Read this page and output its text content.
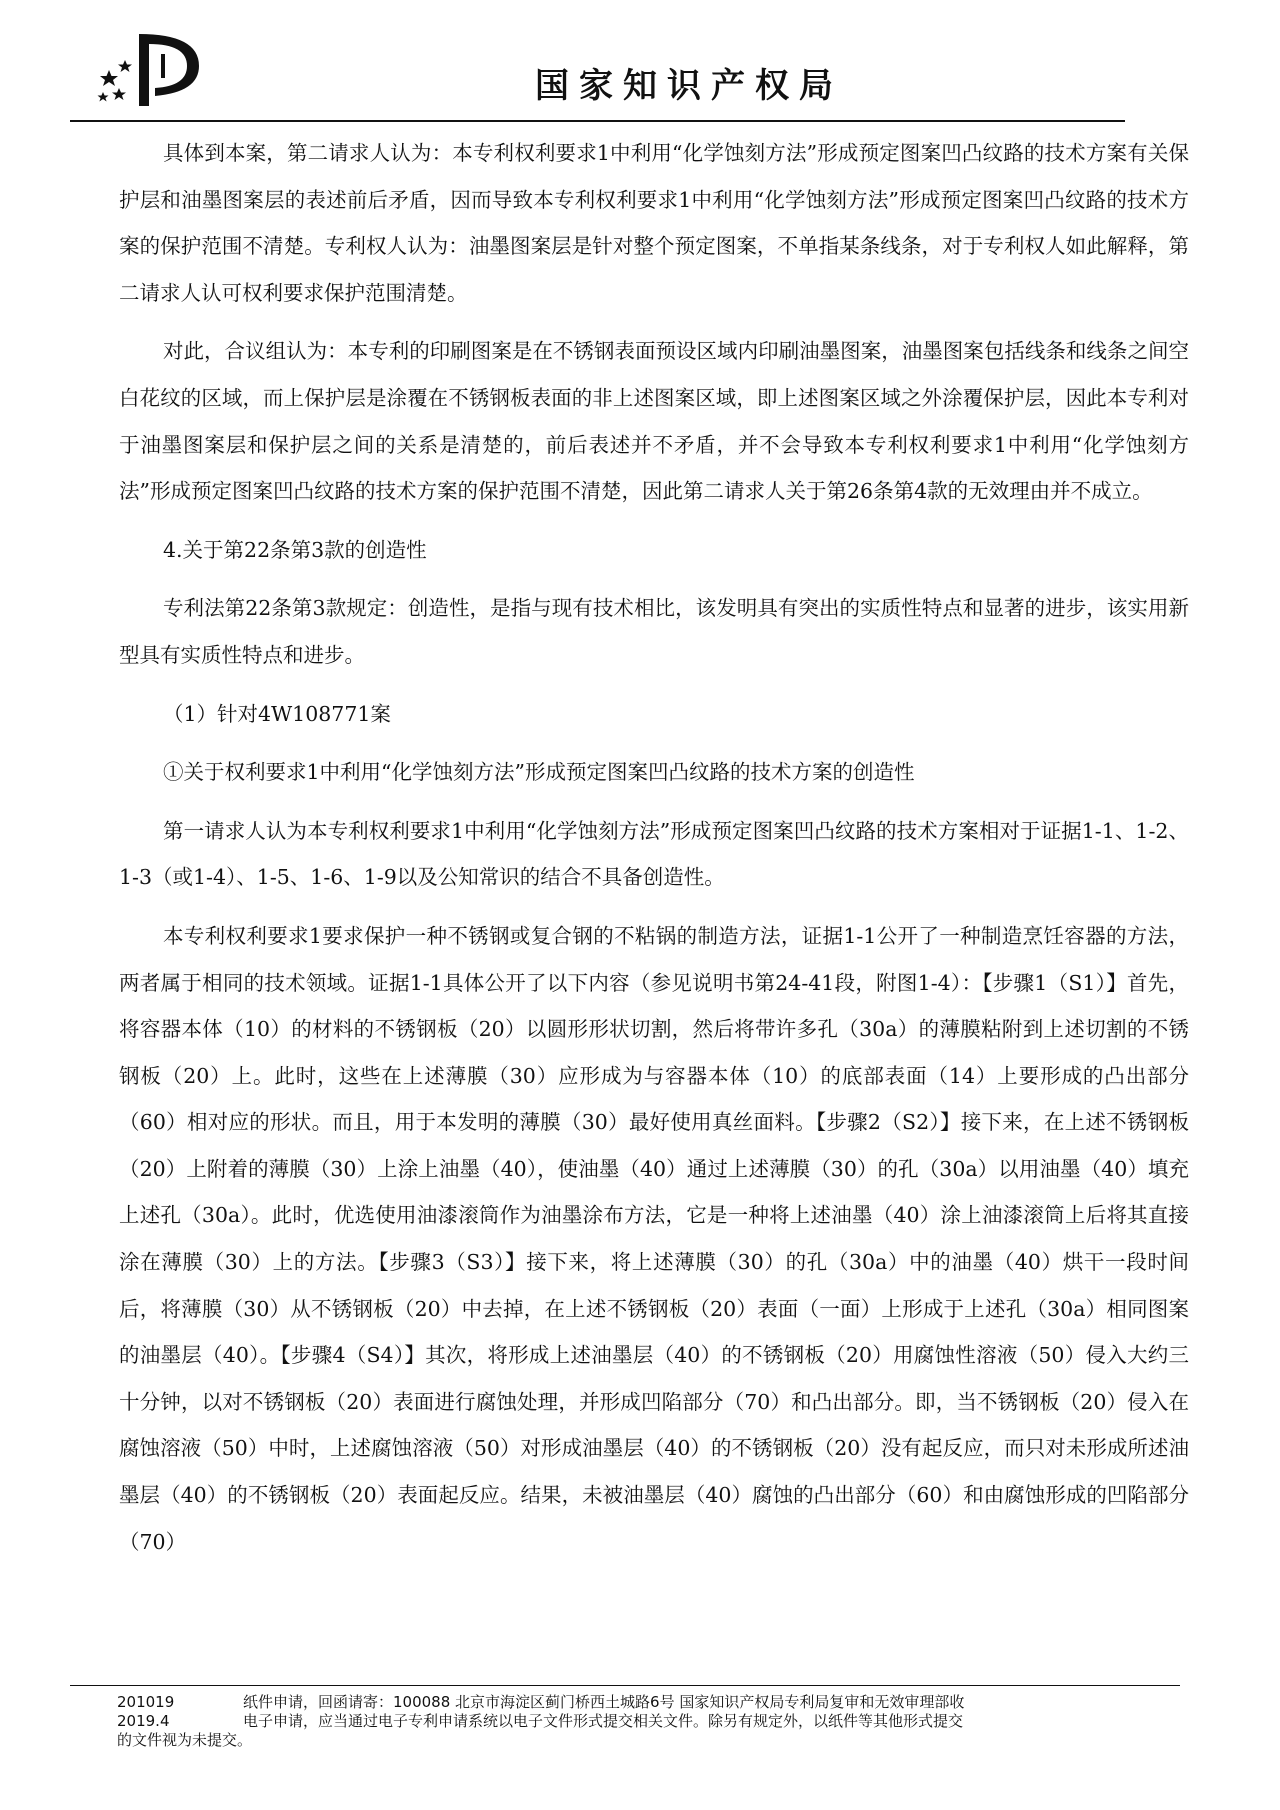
国家知识产权局

具体到本案，第二请求人认为：本专利权利要求1中利用“化学蚀刻方法”形成预定图案凹凸纹路的技术方案有关保护层和油墨图案层的表述前后矛盾，因而导致本专利权利要求1中利用“化学蚀刻方法”形成预定图案凹凸纹路的技术方案的保护范围不清楚。专利权人认为：油墨图案层是针对整个预定图案，不单指某条线条，对于专利权人如此解释，第二请求人认可权利要求保护范围清楚。

对此，合议组认为：本专利的印刷图案是在不锈钢表面预设区域内印刷油墨图案，油墨图案包括线条和线条之间空白花纹的区域，而上保护层是涂覆在不锈钢板表面的非上述图案区域，即上述图案区域之外涂覆保护层，因此本专利对于油墨图案层和保护层之间的关系是清楚的，前后表述并不矛盾，并不会导致本专利权利要求1中利用“化学蚀刻方法”形成预定图案凹凸纹路的技术方案的保护范围不清楚，因此第二请求人关于第26条第4款的无效理由并不成立。

4.关于第22条第3款的创造性

专利法第22条第3款规定：创造性，是指与现有技术相比，该发明具有突出的实质性特点和显著的进步，该实用新型具有实质性特点和进步。

（1）针对4W108771案

①关于权利要求1中利用“化学蚀刻方法”形成预定图案凹凸纹路的技术方案的创造性

第一请求人认为本专利权利要求1中利用“化学蚀刻方法”形成预定图案凹凸纹路的技术方案相对于证据1-1、1-2、1-3（或1-4）、1-5、1-6、1-9以及公知常识的结合不具备创造性。

本专利权利要求1要求保护一种不锈钢或复合钢的不粘锅的制造方法，证据1-1公开了一种制造烹饪容器的方法，两者属于相同的技术领域。证据1-1具体公开了以下内容（参见说明书第24-41段，附图1-4）：【步骤1（S1）】首先，将容器本体（10）的材料的不锈钢板（20）以圆形形状切割，然后将带许多孔（30a）的薄膜粘附到上述切割的不锈钢板（20）上。此时，这些在上述薄膜（30）应形成为与容器本体（10）的底部表面（14）上要形成的凸出部分（60）相对应的形状。而且，用于本发明的薄膜（30）最好使用真丝面料。【步骤2（S2）】接下来，在上述不锈钢板（20）上附着的薄膜（30）上涂上油墨（40），使油墨（40）通过上述薄膜（30）的孔（30a）以用油墨（40）填充上述孔（30a）。此时，优选使用油漆滚筒作为油墨涂布方法，它是一种将上述油墨（40）涂上油漆滚筒上后将其直接涂在薄膜（30）上的方法。【步骤3（S3）】接下来，将上述薄膜（30）的孔（30a）中的油墨（40）烘干一段时间后，将薄膜（30）从不锈钢板（20）中去掉，在上述不锈钢板（20）表面（一面）上形成于上述孔（30a）相同图案的油墨层（40）。【步骤4（S4）】其次，将形成上述油墨层（40）的不锈钢板（20）用腐蚀性溶液（50）侵入大约三十分钟，以对不锈钢板（20）表面进行腐蚀处理，并形成凹陷部分（70）和凸出部分。即，当不锈钢板（20）侵入在腐蚀溶液（50）中时，上述腐蚀溶液（50）对形成油墨层（40）的不锈钢板（20）没有起反应，而只对未形成所述油墨层（40）的不锈钢板（20）表面起反应。结果，未被油墨层（40）腐蚀的凸出部分（60）和由腐蚀形成的凹陷部分（70）

201019	纸件申请，回函请寄：100088 北京市海淀区蓟门桥西土城路6号 国家知识产权局专利局复审和无效审理部收
2019.4	电子申请，应当通过电子专利申请系统以电子文件形式提交相关文件。除另有规定外，以纸件等其他形式提交
的文件视为未提交。
